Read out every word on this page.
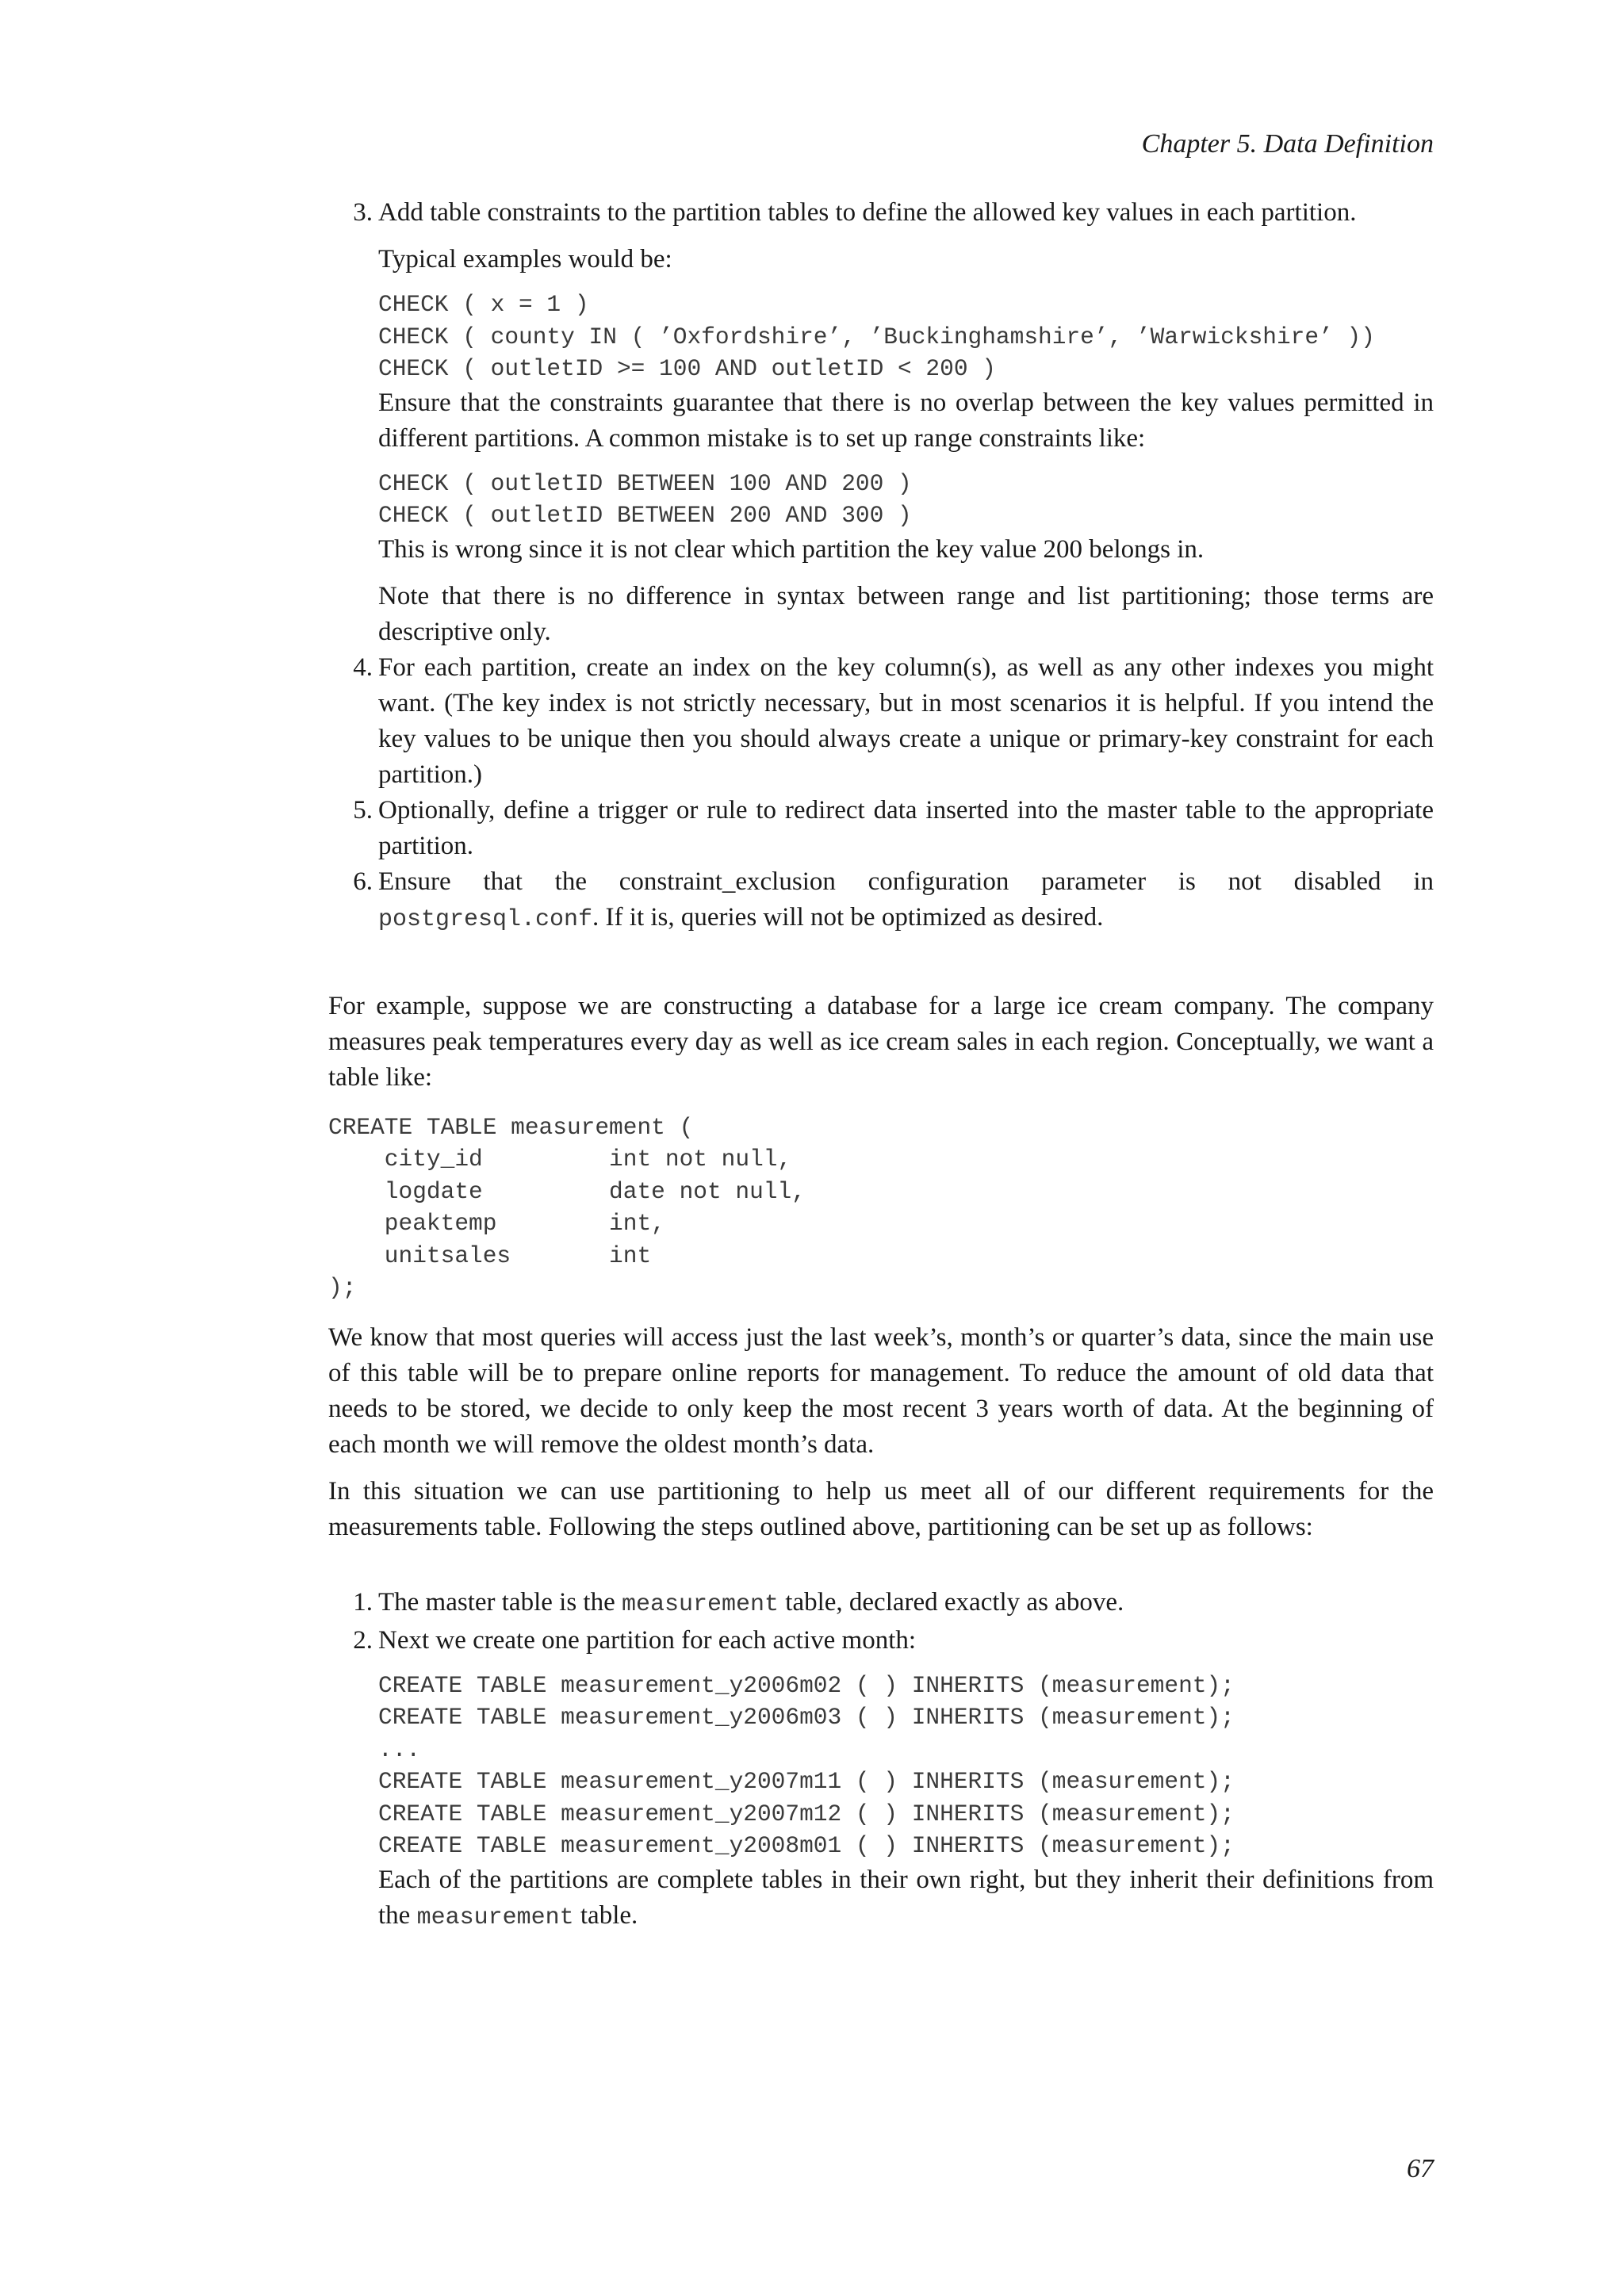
Chapter 5. Data Definition
3. Add table constraints to the partition tables to define the allowed key values in each partition.

Typical examples would be:

CHECK ( x = 1 )
CHECK ( county IN ( ’Oxfordshire’, ’Buckinghamshire’, ’Warwickshire’ ))
CHECK ( outletID >= 100 AND outletID < 200 )

Ensure that the constraints guarantee that there is no overlap between the key values permitted in different partitions. A common mistake is to set up range constraints like:

CHECK ( outletID BETWEEN 100 AND 200 )
CHECK ( outletID BETWEEN 200 AND 300 )

This is wrong since it is not clear which partition the key value 200 belongs in.

Note that there is no difference in syntax between range and list partitioning; those terms are descriptive only.

4. For each partition, create an index on the key column(s), as well as any other indexes you might want. (The key index is not strictly necessary, but in most scenarios it is helpful. If you intend the key values to be unique then you should always create a unique or primary-key constraint for each partition.)

5. Optionally, define a trigger or rule to redirect data inserted into the master table to the appropriate partition.

6. Ensure that the constraint_exclusion configuration parameter is not disabled in

postgresql.conf. If it is, queries will not be optimized as desired.

For example, suppose we are constructing a database for a large ice cream company. The company measures peak temperatures every day as well as ice cream sales in each region. Conceptually, we want a table like:

CREATE TABLE measurement (
city_id         int not null,
logdate         date not null,
peaktemp        int,
unitsales       int
);

We know that most queries will access just the last week’s, month’s or quarter’s data, since the main use of this table will be to prepare online reports for management. To reduce the amount of old data that needs to be stored, we decide to only keep the most recent 3 years worth of data. At the beginning of each month we will remove the oldest month’s data.

In this situation we can use partitioning to help us meet all of our different requirements for the measurements table. Following the steps outlined above, partitioning can be set up as follows:

1. The master table is the measurement table, declared exactly as above.

2. Next we create one partition for each active month:

CREATE TABLE measurement_y2006m02 ( ) INHERITS (measurement);
CREATE TABLE measurement_y2006m03 ( ) INHERITS (measurement);
...
CREATE TABLE measurement_y2007m11 ( ) INHERITS (measurement);
CREATE TABLE measurement_y2007m12 ( ) INHERITS (measurement);
CREATE TABLE measurement_y2008m01 ( ) INHERITS (measurement);

Each of the partitions are complete tables in their own right, but they inherit their definitions from the measurement table.

67
